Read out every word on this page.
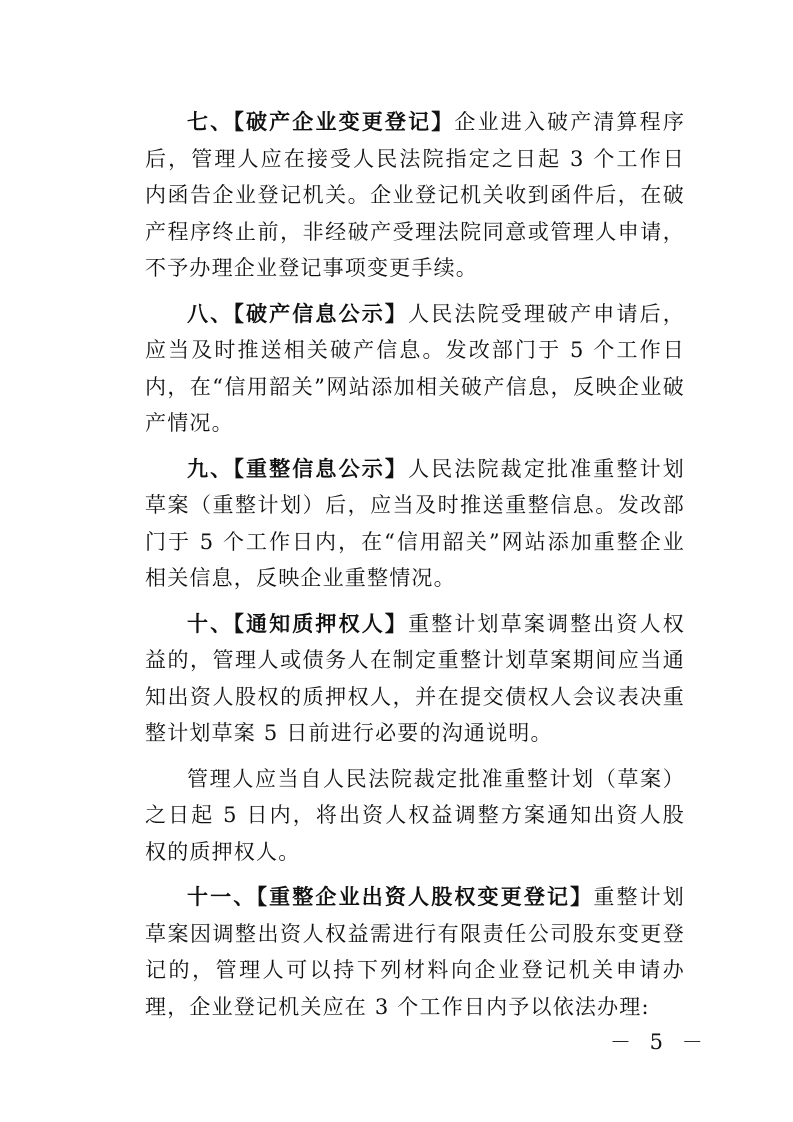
七、【破产企业变更登记】企业进入破产清算程序后，管理人应在接受人民法院指定之日起 3 个工作日内函告企业登记机关。企业登记机关收到函件后，在破产程序终止前，非经破产受理法院同意或管理人申请，不予办理企业登记事项变更手续。

八、【破产信息公示】人民法院受理破产申请后，应当及时推送相关破产信息。发改部门于 5 个工作日内，在“信用韶关”网站添加相关破产信息，反映企业破产情况。

九、【重整信息公示】人民法院裁定批准重整计划草案（重整计划）后，应当及时推送重整信息。发改部门于 5 个工作日内，在“信用韶关”网站添加重整企业相关信息，反映企业重整情况。

十、【通知质押权人】重整计划草案调整出资人权益的，管理人或债务人在制定重整计划草案期间应当通知出资人股权的质押权人，并在提交债权人会议表决重整计划草案 5 日前进行必要的沟通说明。

管理人应当自人民法院裁定批准重整计划（草案）之日起 5 日内，将出资人权益调整方案通知出资人股权的质押权人。

十一、【重整企业出资人股权变更登记】重整计划草案因调整出资人权益需进行有限责任公司股东变更登记的，管理人可以持下列材料向企业登记机关申请办理，企业登记机关应在 3 个工作日内予以依法办理:

－ 5 －
